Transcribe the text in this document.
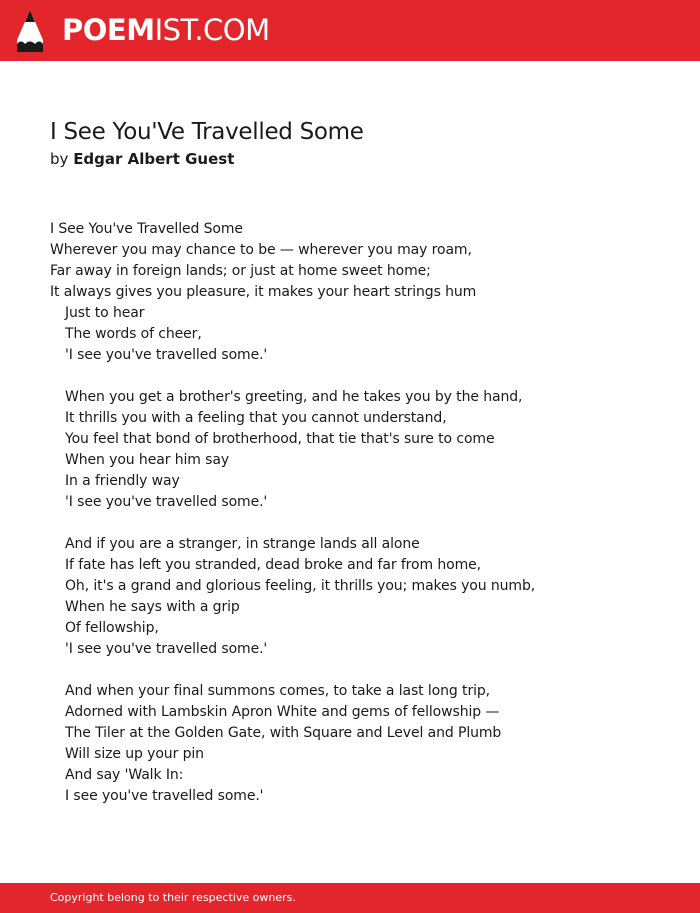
POEMIST.COM
I See You'Ve Travelled Some
by Edgar Albert Guest
I See You've Travelled Some
Wherever you may chance to be — wherever you may roam,
Far away in foreign lands; or just at home sweet home;
It always gives you pleasure, it makes your heart strings hum
Just to hear
The words of cheer,
'I see you've travelled some.'
When you get a brother's greeting, and he takes you by the hand,
It thrills you with a feeling that you cannot understand,
You feel that bond of brotherhood, that tie that's sure to come
When you hear him say
In a friendly way
'I see you've travelled some.'
And if you are a stranger, in strange lands all alone
If fate has left you stranded, dead broke and far from home,
Oh, it's a grand and glorious feeling, it thrills you; makes you numb,
When he says with a grip
Of fellowship,
'I see you've travelled some.'
And when your final summons comes, to take a last long trip,
Adorned with Lambskin Apron White and gems of fellowship —
The Tiler at the Golden Gate, with Square and Level and Plumb
Will size up your pin
And say 'Walk In:
I see you've travelled some.'
Copyright belong to their respective owners.
